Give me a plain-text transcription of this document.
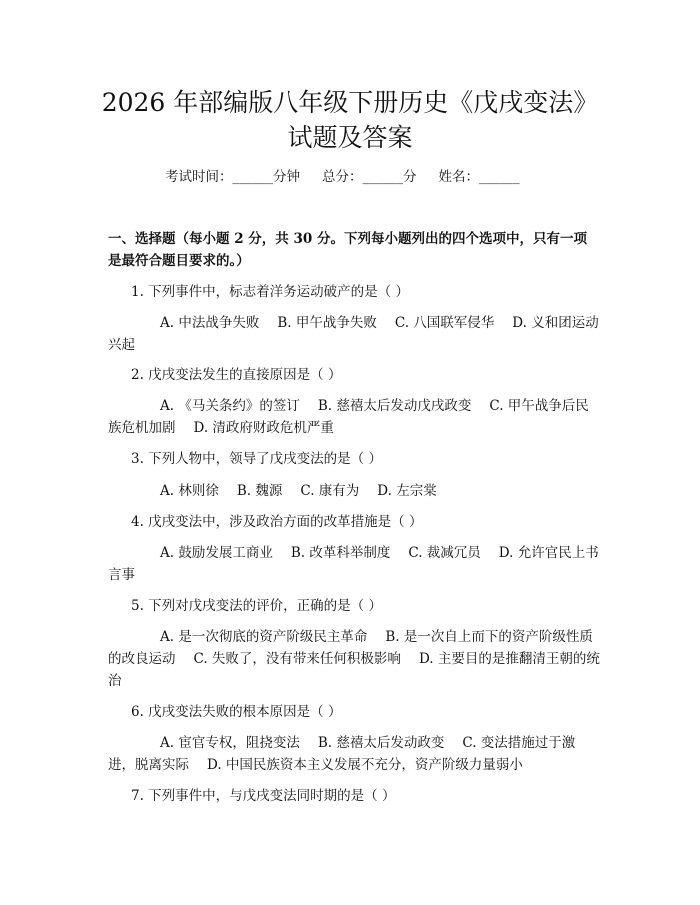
2026 年部编版八年级下册历史《戊戌变法》
试题及答案
考试时间：______分钟 总分：______分 姓名：______

一、选择题（每小题 2 分，共 30 分。下列每小题列出的四个选项中，只有一项是最符合题目要求的。）

1. 下列事件中，标志着洋务运动破产的是（ ）
A. 中法战争失败 B. 甲午战争失败 C. 八国联军侵华 D. 义和团运动兴起
2. 戊戌变法发生的直接原因是（ ）
A. 《马关条约》的签订 B. 慈禧太后发动戊戌政变 C. 甲午战争后民族危机加剧 D. 清政府财政危机严重
3. 下列人物中，领导了戊戌变法的是（ ）
A. 林则徐 B. 魏源 C. 康有为 D. 左宗棠
4. 戊戌变法中，涉及政治方面的改革措施是（ ）
A. 鼓励发展工商业 B. 改革科举制度 C. 裁减冗员 D. 允许官民上书言事
5. 下列对戊戌变法的评价，正确的是（ ）
A. 是一次彻底的资产阶级民主革命 B. 是一次自上而下的资产阶级性质的改良运动 C. 失败了，没有带来任何积极影响 D. 主要目的是推翻清王朝的统治
6. 戊戌变法失败的根本原因是（ ）
A. 宦官专权，阻挠变法 B. 慈禧太后发动政变 C. 变法措施过于激进，脱离实际 D. 中国民族资本主义发展不充分，资产阶级力量弱小
7. 下列事件中，与戊戌变法同时期的是（ ）
